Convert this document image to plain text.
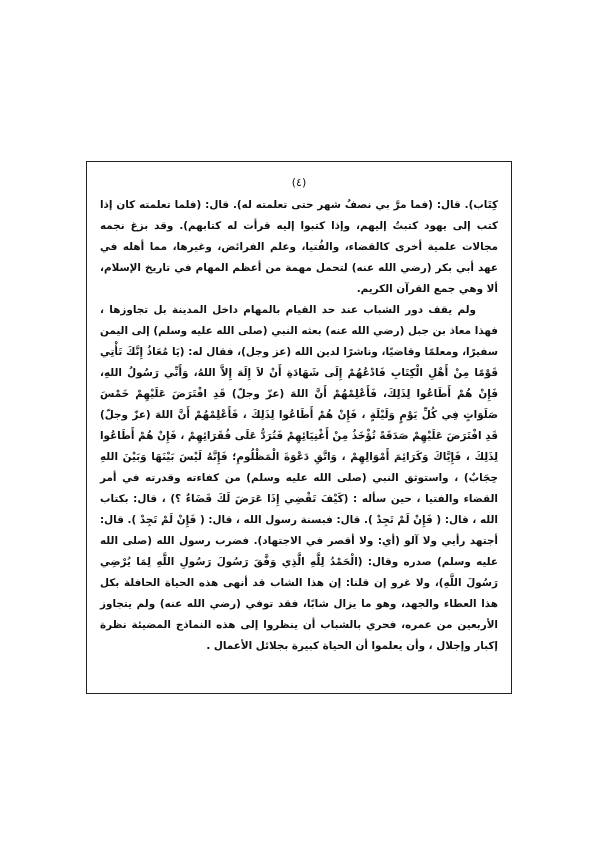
(٤)

كِتَاب). قال: (فما مرَّ بي نصفُ شهر حتى تعلمته له). قال: (فلما تعلمته كان إذا كتب إلى يهود كتبتُ إليهم، وإذا كتبوا إليه قرأت له كتابهم). وقد بزغ نجمه مجالات علمية أخرى كالقضاء، والفُتيا، وعلم الفرائض، وغيرها، مما أهله في عهد أبي بكر (رضي الله عنه) لتحمل مهمة من أعظم المهام في تاريخ الإسلام، ألا وهي جمع القرآن الكريم.

ولم يقف دور الشباب عند حد القيام بالمهام داخل المدينة بل تجاوزها ، فهذا معاذ بن جبل (رضي الله عنه) بعثه النبي (صلى الله عليه وسلم) إلى اليمن سفيرًا، ومعلمًا وقاضيًا، وناشرًا لدين الله (عز وجل)، فقال له: (يَا مُعَاذُ إِنَّكَ تَأْتِي قَوْمًا مِنْ أَهْلِ الْكِتَابِ فَادْعُهُمْ إِلَى شَهَادَةِ أَنْ لاَ إِلَهَ إِلاَّ اللهُ، وَأَنِّي رَسُولُ اللهِ، فَإِنْ هُمْ أَطَاعُوا لِذَلِكَ، فَأَعْلِمْهُمْ أَنَّ اللهَ (عزّ وجلّ) قَدِ افْتَرَضَ عَلَيْهِمْ خَمْسَ صَلَوَاتٍ فِي كُلِّ يَوْمٍ وَلَيْلَةٍ ، فَإِنْ هُمْ أَطَاعُوا لِذَلِكَ ، فَأَعْلِمْهُمْ أَنَّ اللهَ (عزّ وجلّ) قَدِ افْتَرَضَ عَلَيْهِمْ صَدَقَةً تُؤْخَذُ مِنْ أَغْنِيَائِهِمْ فَتُرَدُّ عَلَى فُقَرَائِهِمْ ، فَإِنْ هُمْ أَطَاعُوا لِذَلِكَ ، فَإِيَّاكَ وَكَرَائِمَ أَمْوَالِهِمْ ، وَاتَّقِ دَعْوَةَ الْمَظْلُومِ؛ فَإِنَّهُ لَيْسَ بَيْنَهَا وَبَيْنَ اللهِ حِجَابٌ) ، واستوثق النبي (صلى الله عليه وسلم) من كفاءته وقدرته في أمر القضاء والفتيا ، حين سأله : (كَيْفَ تَقْضِي إِذَا عَرَضَ لَكَ قَضَاءٌ ؟) ، قال: بكتاب الله ، قال: ( فَإِنْ لَمْ تَجِدْ ). قال: فبسنة رسول الله ، قال: ( فَإِنْ لَمْ تَجِدْ ). قال: أجتهد رأيي ولا آلو (أي: ولا أقصر في الاجتهاد). فضرب رسول الله (صلى الله عليه وسلم) صدره وقال: (الْحَمْدُ لِلَّهِ الَّذِي وَفَّقَ رَسُولَ رَسُولِ اللَّهِ لِمَا يُرْضِي رَسُولَ اللَّهِ)، ولا غرو إن قلنا: إن هذا الشاب قد أنهى هذه الحياة الحافلة بكل هذا العطاء والجهد، وهو ما يزال شابًا، فقد توفي (رضي الله عنه) ولم يتجاوز الأربعين من عمره، فحري بالشباب أن ينظروا إلى هذه النماذج المضيئة نظرة إكبار وإجلال ، وأن يعلموا أن الحياة كبيرة بجلائل الأعمال .
